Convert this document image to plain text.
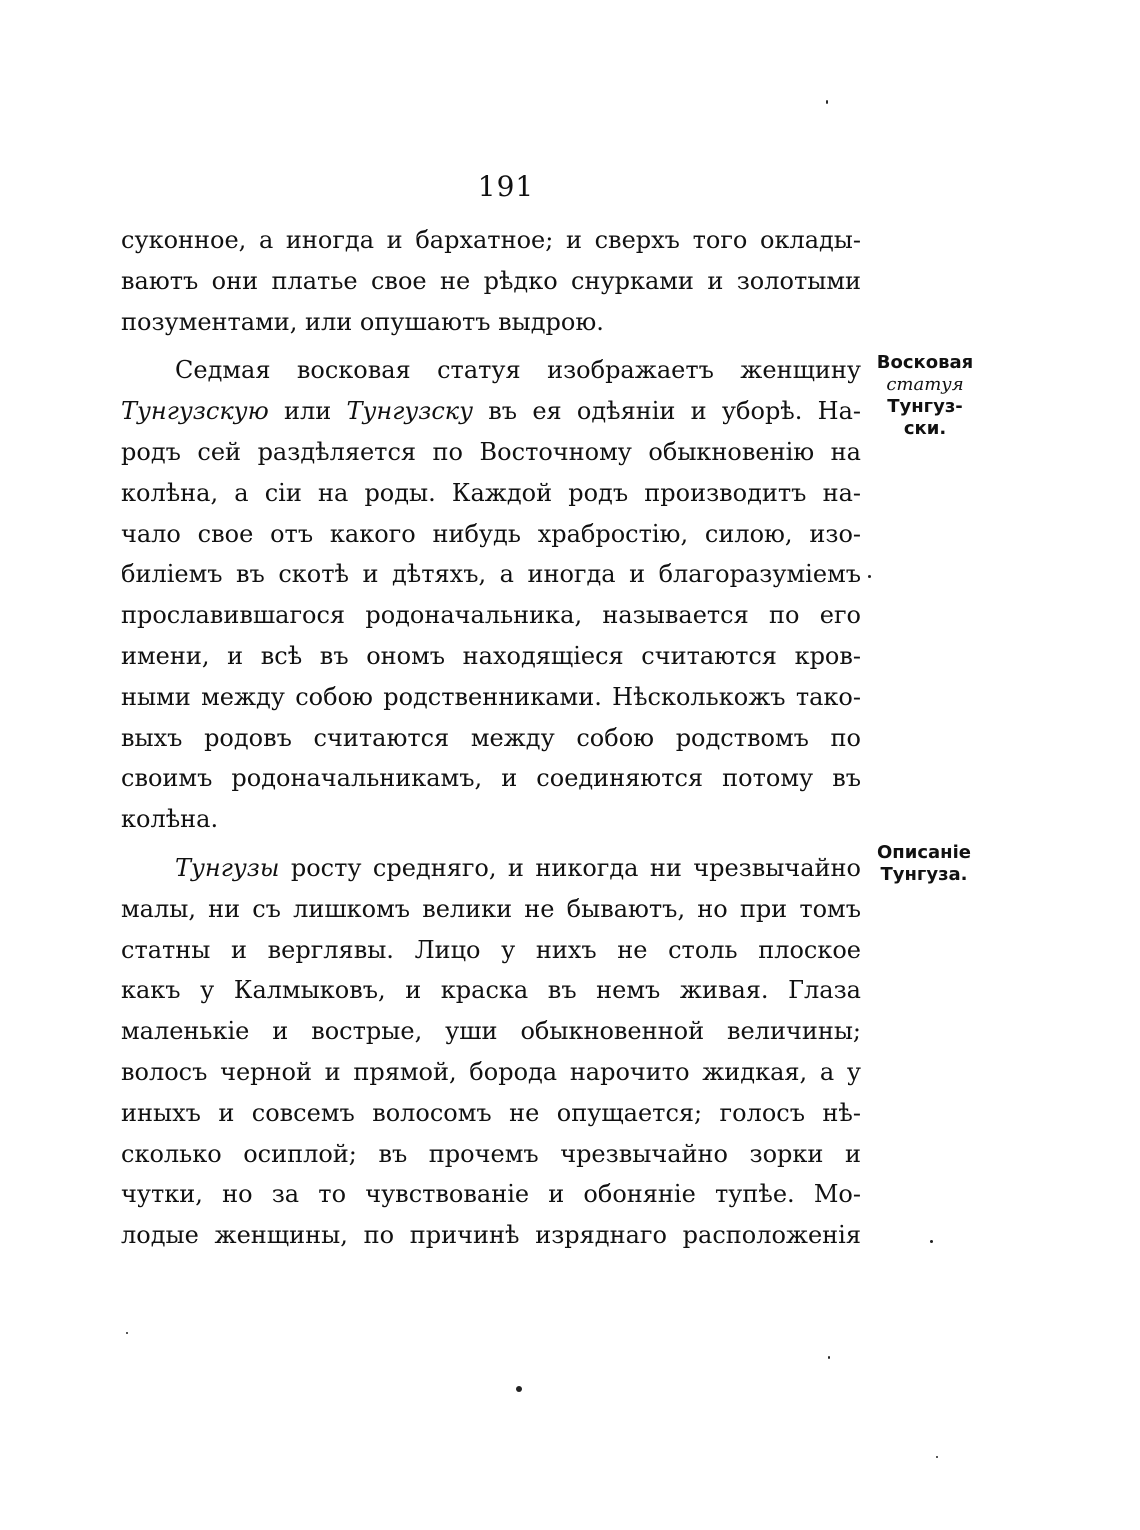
191
суконное, а иногда и бархатное; и сверхъ того оклады-
ваютъ они платье свое не рѣдко снурками и золотыми
позументами, или опушаютъ выдрою.
Седмая восковая статуя изображаетъ женщину
Тунгузскую или Тунгузску въ ея одѣяніи и уборѣ. На-
родъ сей раздѣляется по Восточному обыкновенію на
колѣна, а сіи на роды. Каждой родъ производитъ на-
чало свое отъ какого нибудь храбростію, силою, изо-
биліемъ въ скотѣ и дѣтяхъ, а иногда и благоразуміемъ
прославившагося родоначальника, называется по его
имени, и всѣ въ ономъ находящіеся считаются кров-
ными между собою родственниками. Нѣсколькожъ тако-
выхъ родовъ считаются между собою родствомъ по
своимъ родоначальникамъ, и соединяются потому въ
колѣна.
Тунгузы росту средняго, и никогда ни чрезвычайно
малы, ни съ лишкомъ велики не бываютъ, но при томъ
статны и верглявы. Лицо у нихъ не столь плоское
какъ у Калмыковъ, и краска въ немъ живая. Глаза
маленькіе и вострые, уши обыкновенной величины;
волосъ черной и прямой, борода нарочито жидкая, а у
иныхъ и совсемъ волосомъ не опущается; голосъ нѣ-
сколько осиплой; въ прочемъ чрезвычайно зорки и
чутки, но за то чувствованіе и обоняніе тупѣе. Мо-
лодые женщины, по причинѣ изряднаго расположенія
Восковая
статуя
Тунгуз-
ски.
Описаніе
Тунгуза.
